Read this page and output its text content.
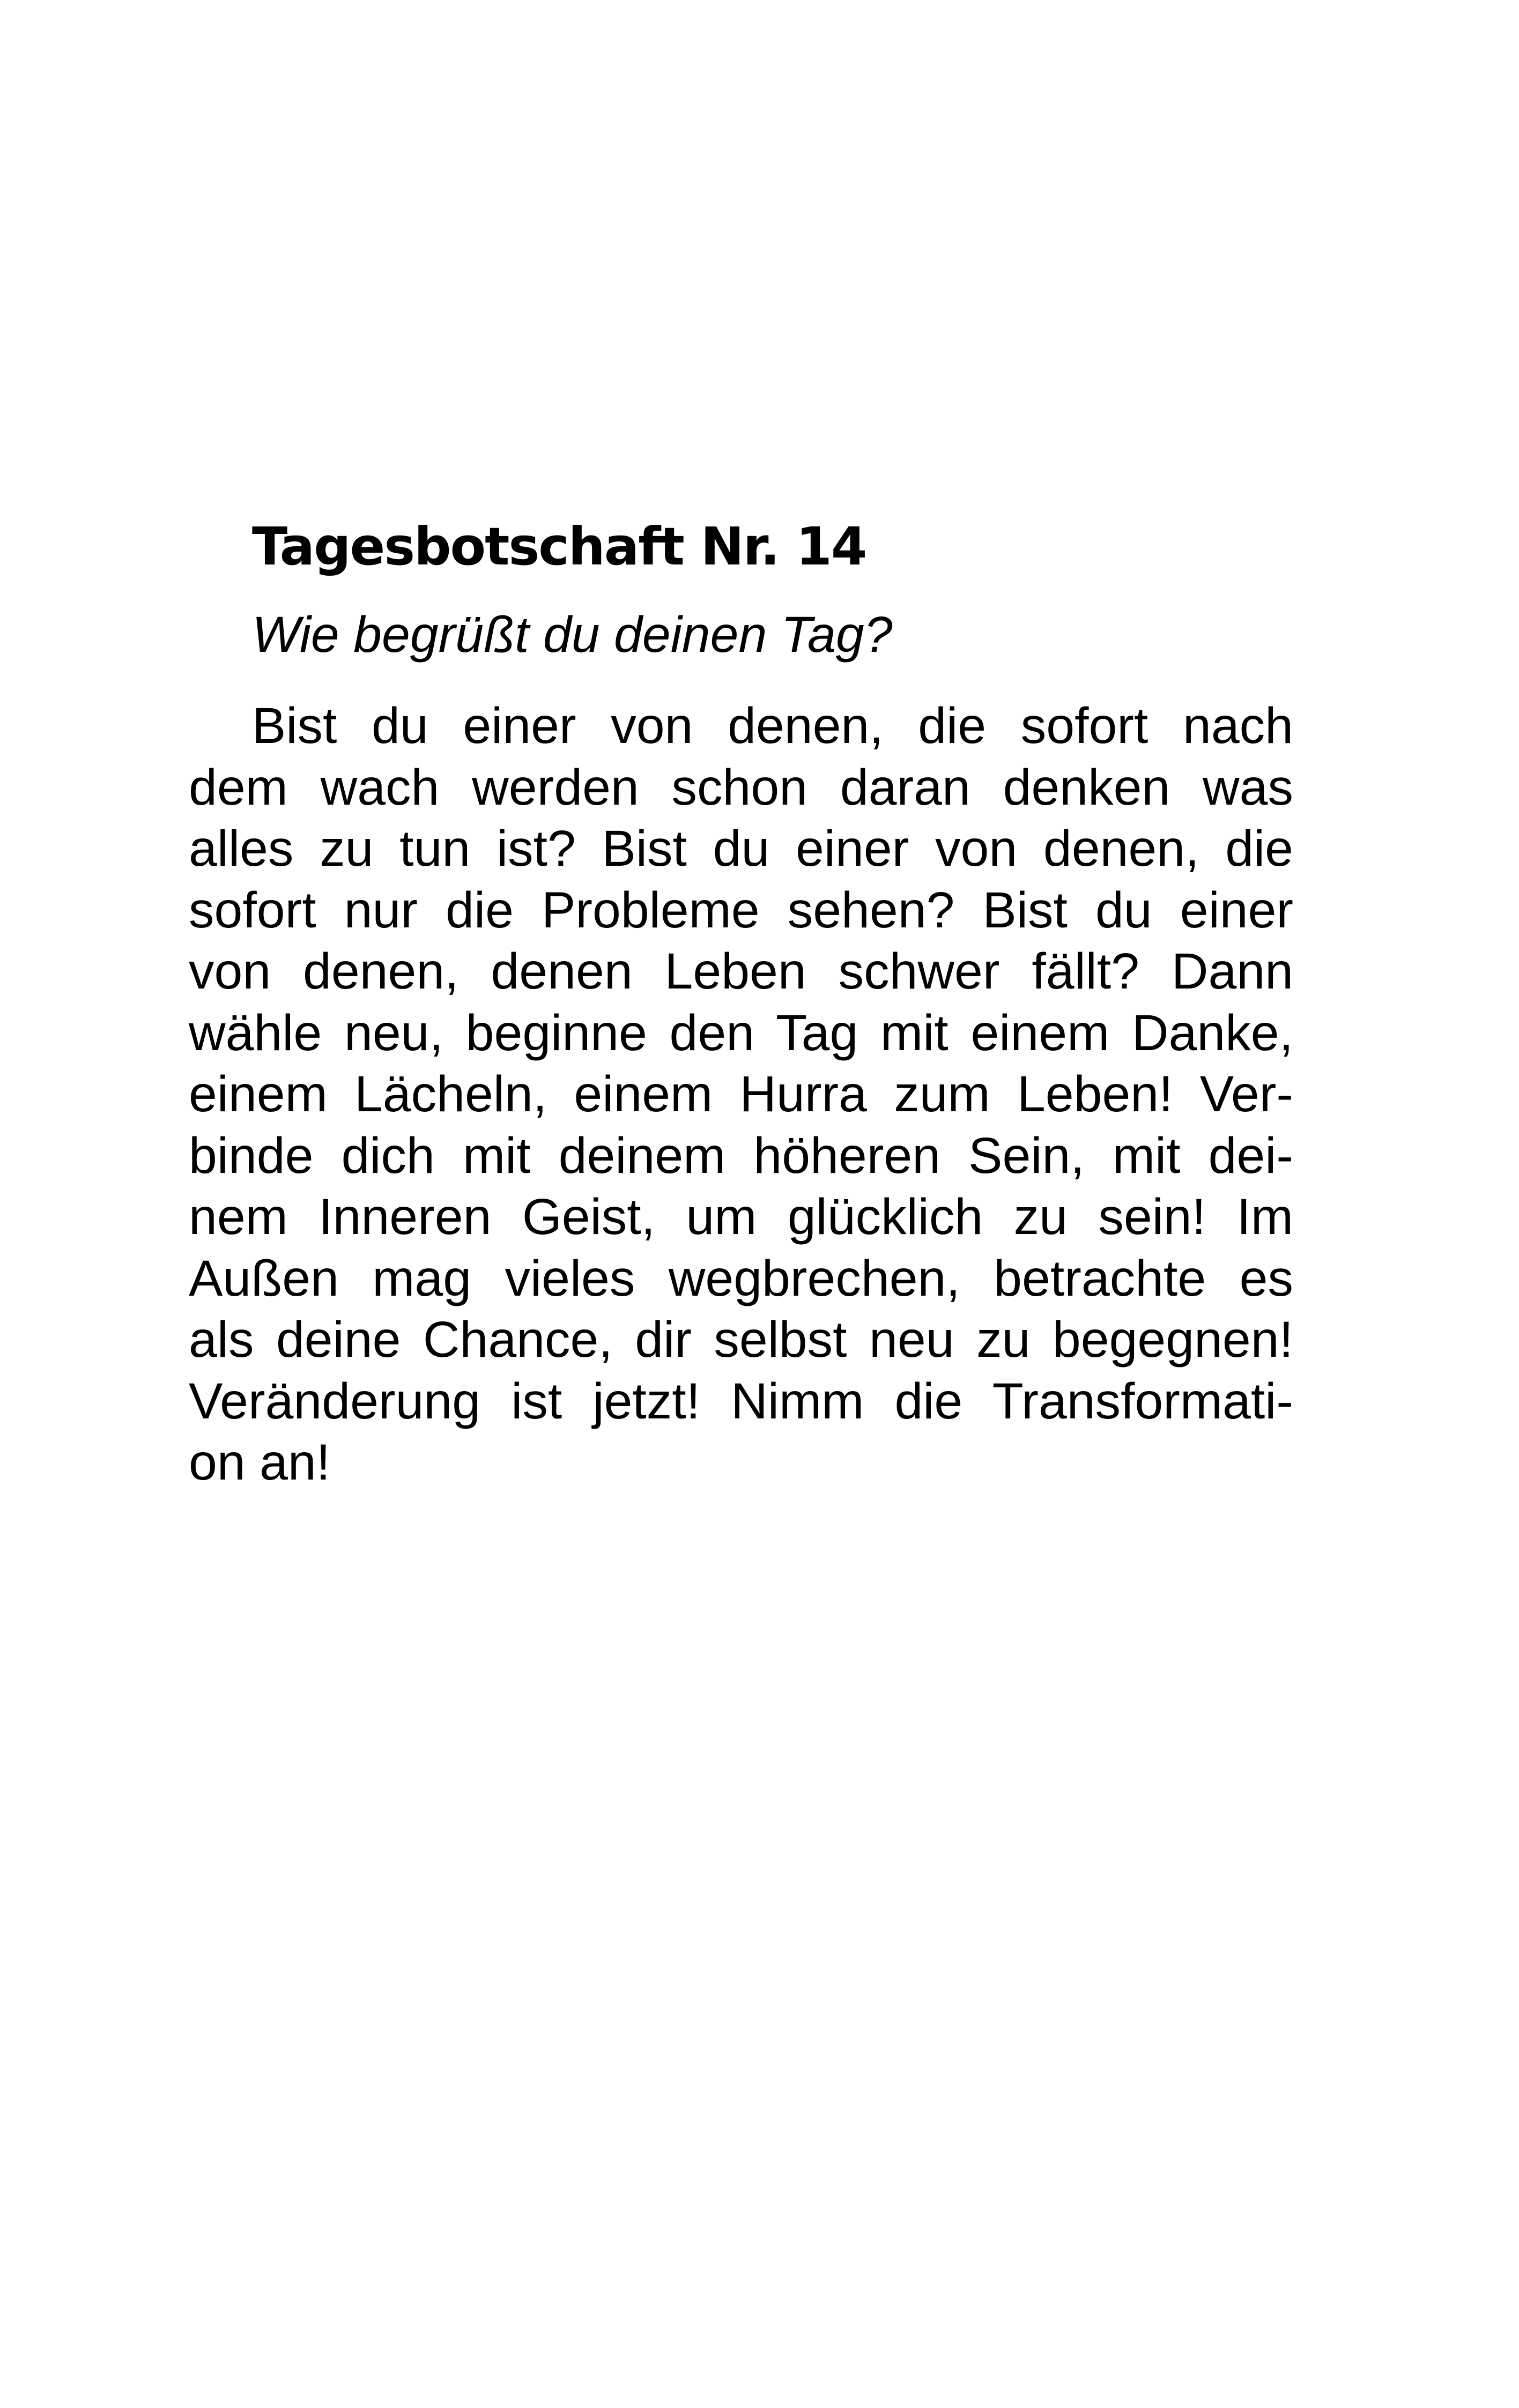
Tagesbotschaft Nr. 14
Wie begrüßt du deinen Tag?
Bist du einer von denen, die sofort nach
dem wach werden schon daran denken was
alles zu tun ist? Bist du einer von denen, die
sofort nur die Probleme sehen? Bist du einer
von denen, denen Leben schwer fällt? Dann
wähle neu, beginne den Tag mit einem Danke,
einem Lächeln, einem Hurra zum Leben! Ver-
binde dich mit deinem höheren Sein, mit dei-
nem Inneren Geist, um glücklich zu sein! Im
Außen mag vieles wegbrechen, betrachte es
als deine Chance, dir selbst neu zu begegnen!
Veränderung ist jetzt! Nimm die Transformati-
on an!
